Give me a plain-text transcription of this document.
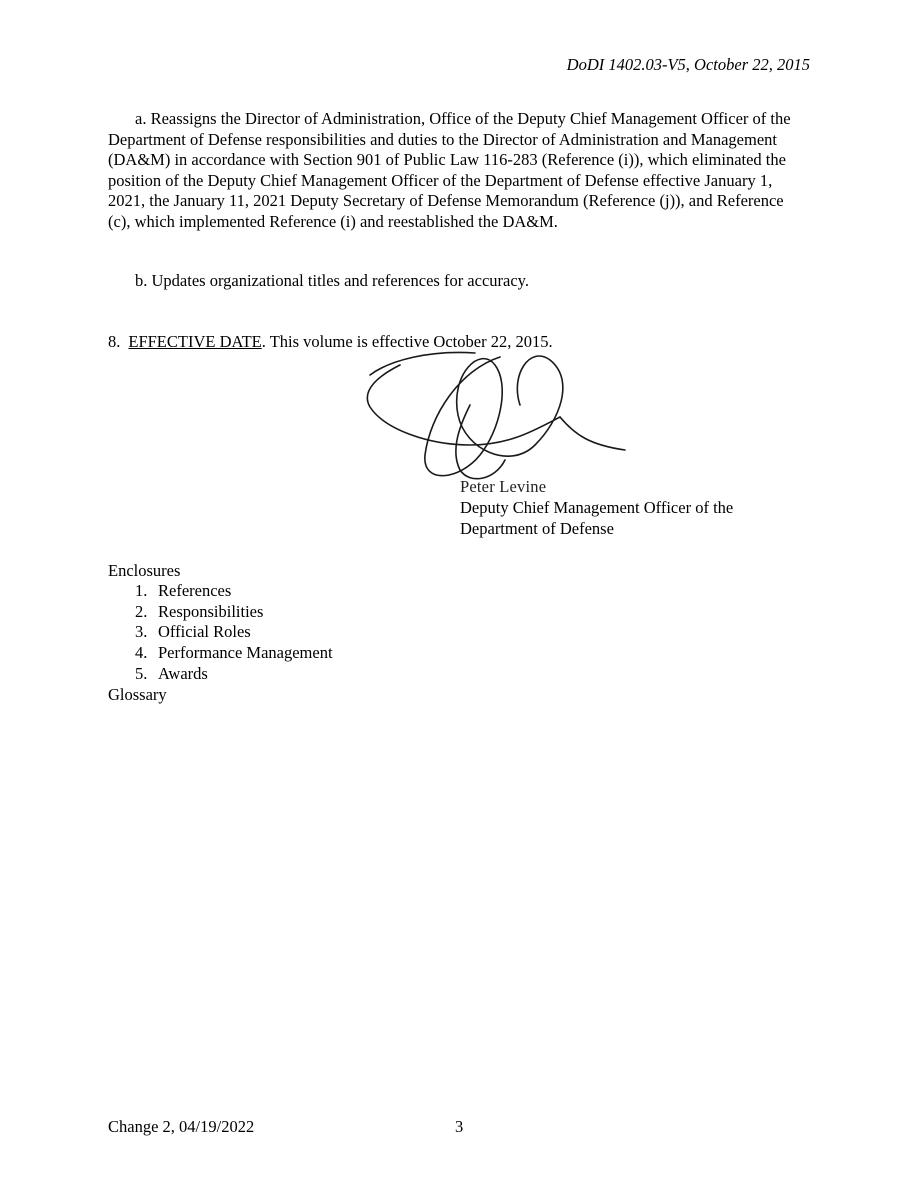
DoDI 1402.03-V5, October 22, 2015

a. Reassigns the Director of Administration, Office of the Deputy Chief Management Officer of the Department of Defense responsibilities and duties to the Director of Administration and Management (DA&M) in accordance with Section 901 of Public Law 116-283 (Reference (i)), which eliminated the position of the Deputy Chief Management Officer of the Department of Defense effective January 1, 2021, the January 11, 2021 Deputy Secretary of Defense Memorandum (Reference (j)), and Reference (c), which implemented Reference (i) and reestablished the DA&M.

b. Updates organizational titles and references for accuracy.

8. EFFECTIVE DATE. This volume is effective October 22, 2015.
Peter Levine
Deputy Chief Management Officer of the
Department of Defense
Enclosures
1. References
2. Responsibilities
3. Official Roles
4. Performance Management
5. Awards
Glossary
Change 2, 04/19/2022	3
